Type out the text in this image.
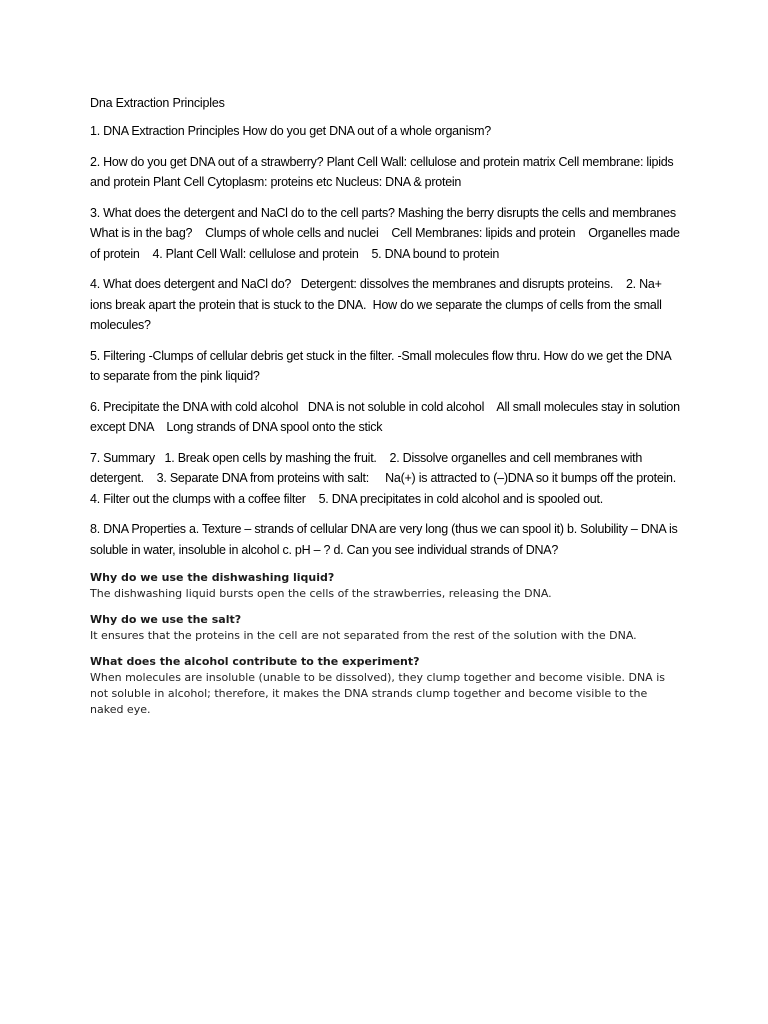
Dna Extraction Principles

1. DNA Extraction Principles How do you get DNA out of a whole organism?

2. How do you get DNA out of a strawberry? Plant Cell Wall: cellulose and protein matrix Cell membrane: lipids and protein Plant Cell Cytoplasm: proteins etc Nucleus: DNA & protein

3. What does the detergent and NaCl do to the cell parts? Mashing the berry disrupts the cells and membranes   What is in the bag?    Clumps of whole cells and nuclei    Cell Membranes: lipids and protein    Organelles made of protein    4. Plant Cell Wall: cellulose and protein    5. DNA bound to protein

4. What does detergent and NaCl do?   Detergent: dissolves the membranes and disrupts proteins.    2. Na+ ions break apart the protein that is stuck to the DNA.  How do we separate the clumps of cells from the small molecules?

5. Filtering -Clumps of cellular debris get stuck in the filter. -Small molecules flow thru. How do we get the DNA to separate from the pink liquid?

6. Precipitate the DNA with cold alcohol   DNA is not soluble in cold alcohol    All small molecules stay in solution except DNA    Long strands of DNA spool onto the stick

7. Summary   1. Break open cells by mashing the fruit.    2. Dissolve organelles and cell membranes with detergent.    3. Separate DNA from proteins with salt:     Na(+) is attracted to (–)DNA so it bumps off the protein.    4. Filter out the clumps with a coffee filter    5. DNA precipitates in cold alcohol and is spooled out.

8. DNA Properties a. Texture – strands of cellular DNA are very long (thus we can spool it) b. Solubility – DNA is soluble in water, insoluble in alcohol c. pH – ? d. Can you see individual strands of DNA?

Why do we use the dishwashing liquid?

The dishwashing liquid bursts open the cells of the strawberries, releasing the DNA.

Why do we use the salt?

It ensures that the proteins in the cell are not separated from the rest of the solution with the DNA.

What does the alcohol contribute to the experiment?

When molecules are insoluble (unable to be dissolved), they clump together and become visible. DNA is not soluble in alcohol; therefore, it makes the DNA strands clump together and become visible to the naked eye.
